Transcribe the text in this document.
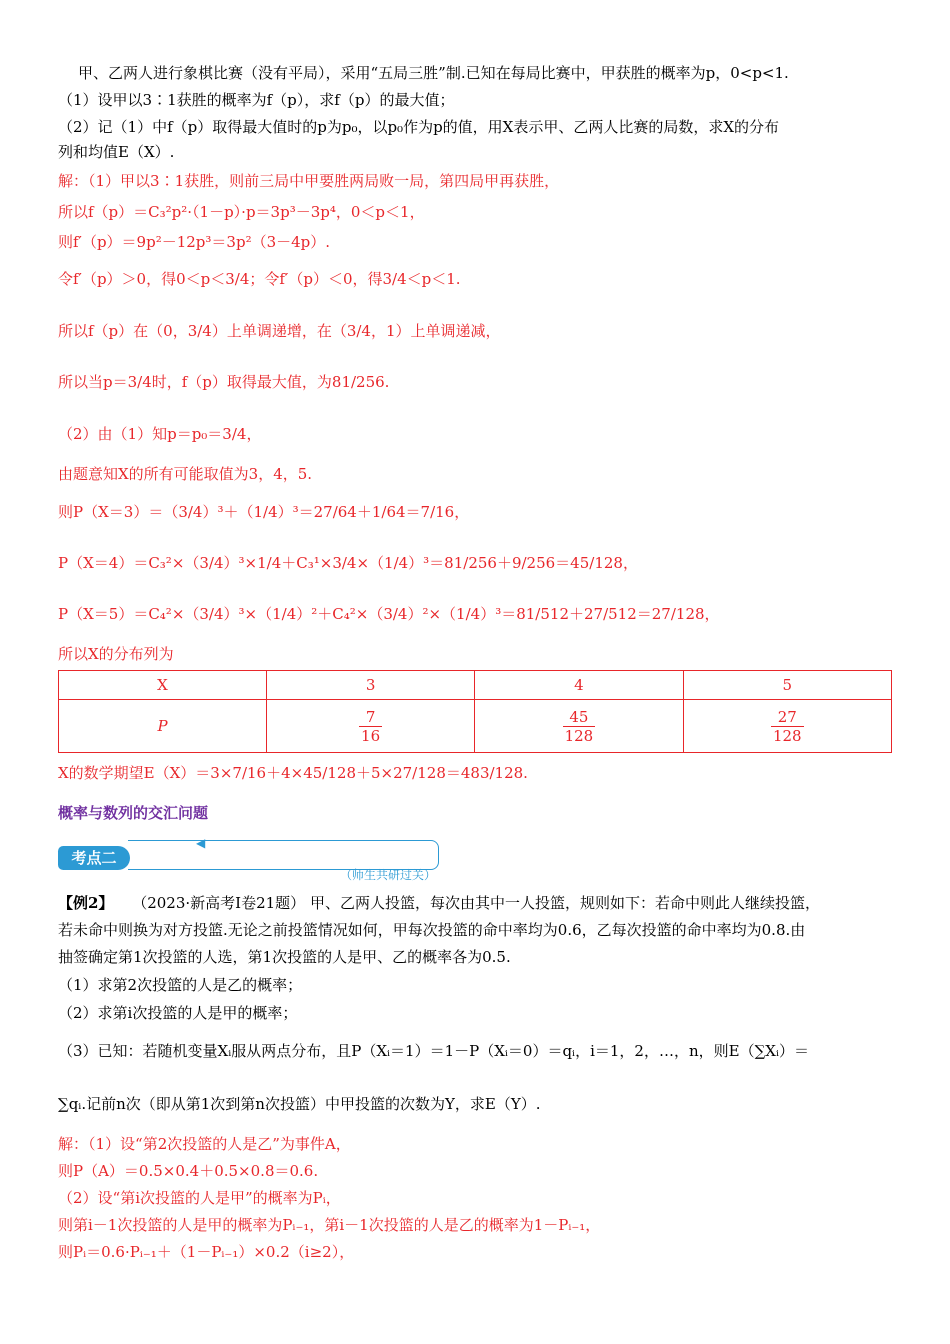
甲、乙两人进行象棋比赛（没有平局），采用“五局三胜”制.已知在每局比赛中，甲获胜的概率为p，0<p<1.
（1）设甲以3∶1获胜的概率为f（p），求f（p）的最大值；
（2）记（1）中f（p）取得最大值时的p为p₀，以p₀作为p的值，用X表示甲、乙两人比赛的局数，求X的分布
列和均值E（X）.
解：（1）甲以3∶1获胜，则前三局中甲要胜两局败一局，第四局甲再获胜，
所以f（p）＝C₃²p²·（1－p）·p＝3p³－3p⁴，0＜p＜1，
则f′（p）＝9p²－12p³＝3p²（3－4p）.
令f′（p）＞0，得0＜p＜3/4；令f′（p）＜0，得3/4＜p＜1.
所以f（p）在（0，3/4）上单调递增，在（3/4，1）上单调递减，
所以当p＝3/4时，f（p）取得最大值，为81/256.
（2）由（1）知p＝p₀＝3/4，
由题意知X的所有可能取值为3，4，5.
则P（X＝3）＝（3/4）³＋（1/4）³＝27/64＋1/64＝7/16，
P（X＝4）＝C₃²×（3/4）³×1/4＋C₃¹×3/4×（1/4）³＝81/256＋9/256＝45/128，
P（X＝5）＝C₄²×（3/4）³×（1/4）²＋C₄²×（3/4）²×（1/4）³＝81/512＋27/512＝27/128，
所以X的分布列为
X	3	4	5
P	$\frac{7}{16}$	$\frac{45}{128}$	$\frac{27}{128}$
X的数学期望E（X）＝3×7/16＋4×45/128＋5×27/128＝483/128.
概率与数列的交汇问题
◀
考点二
（师生共研过关）
【例2】 （2023·新高考Ⅰ卷21题） 甲、乙两人投篮，每次由其中一人投篮，规则如下：若命中则此人继续投篮，
若未命中则换为对方投篮.无论之前投篮情况如何，甲每次投篮的命中率均为0.6，乙每次投篮的命中率均为0.8.由
抽签确定第1次投篮的人选，第1次投篮的人是甲、乙的概率各为0.5.
（1）求第2次投篮的人是乙的概率；
（2）求第i次投篮的人是甲的概率；
（3）已知：若随机变量Xᵢ服从两点分布，且P（Xᵢ＝1）＝1－P（Xᵢ＝0）＝qᵢ，i＝1，2，…，n，则E（∑Xᵢ）＝
∑qᵢ.记前n次（即从第1次到第n次投篮）中甲投篮的次数为Y，求E（Y）.
解：（1）设“第2次投篮的人是乙”为事件A，
则P（A）＝0.5×0.4＋0.5×0.8＝0.6.
（2）设“第i次投篮的人是甲”的概率为Pᵢ，
则第i－1次投篮的人是甲的概率为Pᵢ₋₁，第i－1次投篮的人是乙的概率为1－Pᵢ₋₁，
则Pᵢ＝0.6·Pᵢ₋₁＋（1－Pᵢ₋₁）×0.2（i≥2），
